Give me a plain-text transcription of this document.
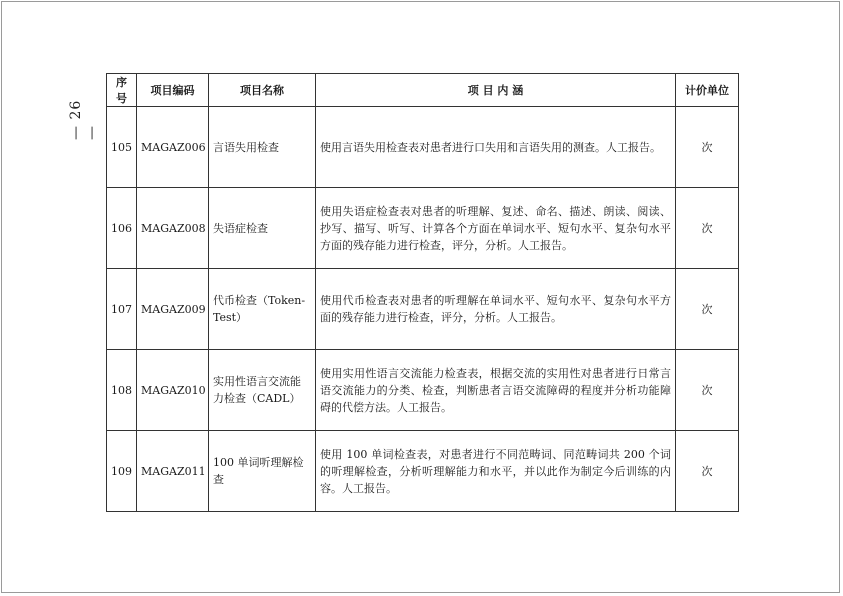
— 26 —
序号	项目编码	项目名称	项 目 内 涵	计价单位
105	MAGAZ006	言语失用检查	使用言语失用检查表对患者进行口失用和言语失用的测查。人工报告。	次
106	MAGAZ008	失语症检查	使用失语症检查表对患者的听理解、复述、命名、描述、朗读、阅读、抄写、描写、听写、计算各个方面在单词水平、短句水平、复杂句水平方面的残存能力进行检查，评分，分析。人工报告。	次
107	MAGAZ009	代币检查（Token-Test）	使用代币检查表对患者的听理解在单词水平、短句水平、复杂句水平方面的残存能力进行检查，评分，分析。人工报告。	次
108	MAGAZ010	实用性语言交流能力检查（CADL）	使用实用性语言交流能力检查表，根据交流的实用性对患者进行日常言语交流能力的分类、检查，判断患者言语交流障碍的程度并分析功能障碍的代偿方法。人工报告。	次
109	MAGAZ011	100 单词听理解检查	使用 100 单词检查表，对患者进行不同范畴词、同范畴词共 200 个词的听理解检查，分析听理解能力和水平，并以此作为制定今后训练的内容。人工报告。	次
